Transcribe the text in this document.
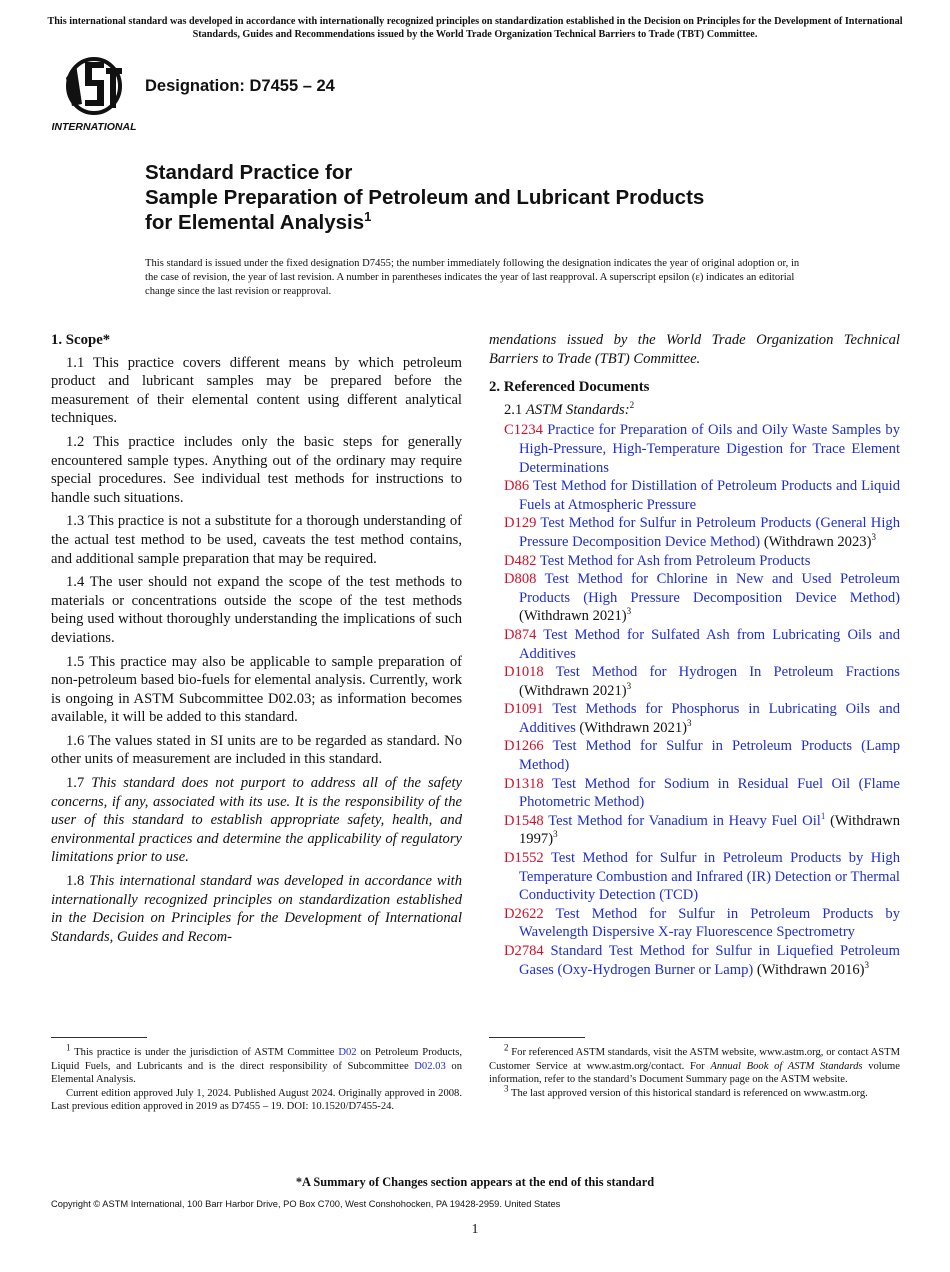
This international standard was developed in accordance with internationally recognized principles on standardization established in the Decision on Principles for the Development of International Standards, Guides and Recommendations issued by the World Trade Organization Technical Barriers to Trade (TBT) Committee.
INTERNATIONAL
Designation: D7455 – 24
Standard Practice for
Sample Preparation of Petroleum and Lubricant Products
for Elemental Analysis$^1$
This standard is issued under the fixed designation D7455; the number immediately following the designation indicates the year of original adoption or, in the case of revision, the year of last revision. A number in parentheses indicates the year of last reapproval. A superscript epsilon (ε) indicates an editorial change since the last revision or reapproval.
1. Scope*

1.1 This practice covers different means by which petroleum product and lubricant samples may be prepared before the measurement of their elemental content using different analytical techniques.

1.2 This practice includes only the basic steps for generally encountered sample types. Anything out of the ordinary may require special procedures. See individual test methods for instructions to handle such situations.

1.3 This practice is not a substitute for a thorough understanding of the actual test method to be used, caveats the test method contains, and additional sample preparation that may be required.

1.4 The user should not expand the scope of the test methods to materials or concentrations outside the scope of the test methods being used without thoroughly understanding the implications of such deviations.

1.5 This practice may also be applicable to sample preparation of non-petroleum based bio-fuels for elemental analysis. Currently, work is ongoing in ASTM Subcommittee D02.03; as information becomes available, it will be added to this standard.

1.6 The values stated in SI units are to be regarded as standard. No other units of measurement are included in this standard.

1.7 This standard does not purport to address all of the safety concerns, if any, associated with its use. It is the responsibility of the user of this standard to establish appropriate safety, health, and environmental practices and determine the applicability of regulatory limitations prior to use.

1.8 This international standard was developed in accordance with internationally recognized principles on standardization established in the Decision on Principles for the Development of International Standards, Guides and Recom-

mendations issued by the World Trade Organization Technical Barriers to Trade (TBT) Committee.

2. Referenced Documents
2.1 ASTM Standards:$^2$

C1234 Practice for Preparation of Oils and Oily Waste Samples by High-Pressure, High-Temperature Digestion for Trace Element Determinations

D86 Test Method for Distillation of Petroleum Products and Liquid Fuels at Atmospheric Pressure

D129 Test Method for Sulfur in Petroleum Products (General High Pressure Decomposition Device Method) (Withdrawn 2023)$^3$

D482 Test Method for Ash from Petroleum Products

D808 Test Method for Chlorine in New and Used Petroleum Products (High Pressure Decomposition Device Method) (Withdrawn 2021)$^3$

D874 Test Method for Sulfated Ash from Lubricating Oils and Additives

D1018 Test Method for Hydrogen In Petroleum Fractions (Withdrawn 2021)$^3$

D1091 Test Methods for Phosphorus in Lubricating Oils and Additives (Withdrawn 2021)$^3$

D1266 Test Method for Sulfur in Petroleum Products (Lamp Method)

D1318 Test Method for Sodium in Residual Fuel Oil (Flame Photometric Method)

D1548 Test Method for Vanadium in Heavy Fuel Oil$^1$ (Withdrawn 1997)$^3$

D1552 Test Method for Sulfur in Petroleum Products by High Temperature Combustion and Infrared (IR) Detection or Thermal Conductivity Detection (TCD)

D2622 Test Method for Sulfur in Petroleum Products by Wavelength Dispersive X-ray Fluorescence Spectrometry

D2784 Standard Test Method for Sulfur in Liquefied Petroleum Gases (Oxy-Hydrogen Burner or Lamp) (Withdrawn 2016)$^3$

$^1$ This practice is under the jurisdiction of ASTM Committee D02 on Petroleum Products, Liquid Fuels, and Lubricants and is the direct responsibility of Subcommittee D02.03 on Elemental Analysis.

Current edition approved July 1, 2024. Published August 2024. Originally approved in 2008. Last previous edition approved in 2019 as D7455 – 19. DOI: 10.1520/D7455-24.

$^2$ For referenced ASTM standards, visit the ASTM website, www.astm.org, or contact ASTM Customer Service at www.astm.org/contact. For Annual Book of ASTM Standards volume information, refer to the standard’s Document Summary page on the ASTM website.

$^3$ The last approved version of this historical standard is referenced on www.astm.org.

*A Summary of Changes section appears at the end of this standard
Copyright © ASTM International, 100 Barr Harbor Drive, PO Box C700, West Conshohocken, PA 19428-2959. United States
1
